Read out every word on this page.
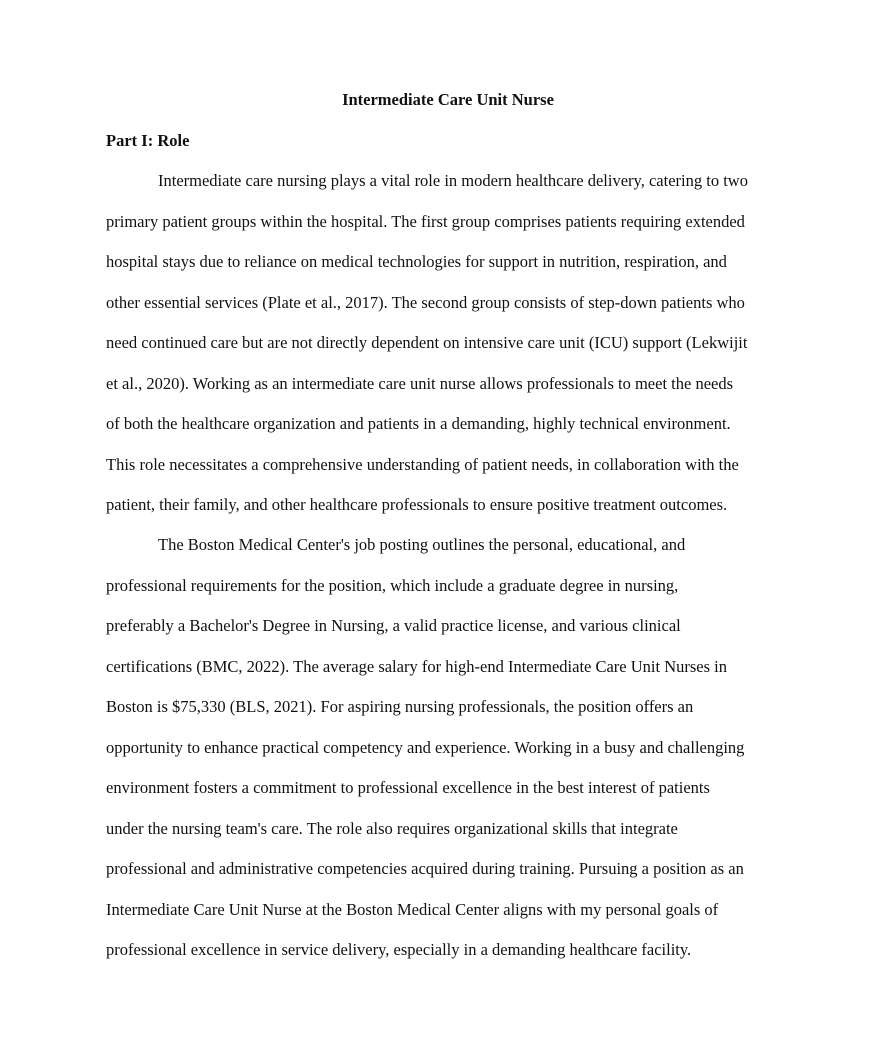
Intermediate Care Unit Nurse
Part I: Role
Intermediate care nursing plays a vital role in modern healthcare delivery, catering to two
primary patient groups within the hospital. The first group comprises patients requiring extended
hospital stays due to reliance on medical technologies for support in nutrition, respiration, and
other essential services (Plate et al., 2017). The second group consists of step-down patients who
need continued care but are not directly dependent on intensive care unit (ICU) support (Lekwijit
et al., 2020). Working as an intermediate care unit nurse allows professionals to meet the needs
of both the healthcare organization and patients in a demanding, highly technical environment.
This role necessitates a comprehensive understanding of patient needs, in collaboration with the
patient, their family, and other healthcare professionals to ensure positive treatment outcomes.
The Boston Medical Center's job posting outlines the personal, educational, and
professional requirements for the position, which include a graduate degree in nursing,
preferably a Bachelor's Degree in Nursing, a valid practice license, and various clinical
certifications (BMC, 2022). The average salary for high-end Intermediate Care Unit Nurses in
Boston is $75,330 (BLS, 2021). For aspiring nursing professionals, the position offers an
opportunity to enhance practical competency and experience. Working in a busy and challenging
environment fosters a commitment to professional excellence in the best interest of patients
under the nursing team's care. The role also requires organizational skills that integrate
professional and administrative competencies acquired during training. Pursuing a position as an
Intermediate Care Unit Nurse at the Boston Medical Center aligns with my personal goals of
professional excellence in service delivery, especially in a demanding healthcare facility.
